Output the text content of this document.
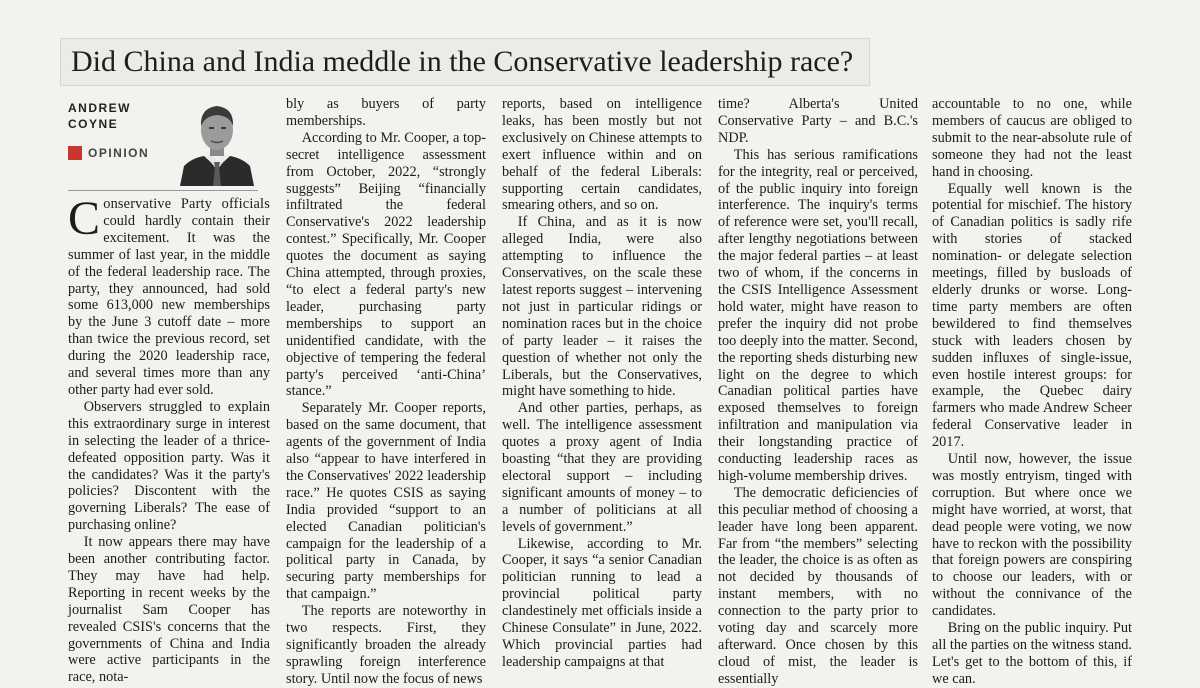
Did China and India meddle in the Conservative leadership race?
ANDREW
COYNE
OPINION

Conservative Party officials could hardly contain their excitement. It was the summer of last year, in the middle of the federal leadership race. The party, they announced, had sold some 613,000 new memberships by the June 3 cutoff date – more than twice the previous record, set during the 2020 leadership race, and several times more than any other party had ever sold.

Observers struggled to explain this extraordinary surge in interest in selecting the leader of a thrice-defeated opposition party. Was it the candidates? Was it the party's policies? Discontent with the governing Liberals? The ease of purchasing online?

It now appears there may have been another contributing factor. They may have had help. Reporting in recent weeks by the journalist Sam Cooper has revealed CSIS's concerns that the governments of China and India were active participants in the race, nota-

bly as buyers of party memberships.

According to Mr. Cooper, a top-secret intelligence assessment from October, 2022, “strongly suggests” Beijing “financially infiltrated the federal Conservative's 2022 leadership contest.” Specifically, Mr. Cooper quotes the document as saying China attempted, through proxies, “to elect a federal party's new leader, purchasing party memberships to support an unidentified candidate, with the objective of tempering the federal party's perceived ‘anti-China’ stance.”

Separately Mr. Cooper reports, based on the same document, that agents of the government of India also “appear to have interfered in the Conservatives' 2022 leadership race.” He quotes CSIS as saying India provided “support to an elected Canadian politician's campaign for the leadership of a political party in Canada, by securing party memberships for that campaign.”

The reports are noteworthy in two respects. First, they significantly broaden the already sprawling foreign interference story. Until now the focus of news

reports, based on intelligence leaks, has been mostly but not exclusively on Chinese attempts to exert influence within and on behalf of the federal Liberals: supporting certain candidates, smearing others, and so on.

If China, and as it is now alleged India, were also attempting to influence the Conservatives, on the scale these latest reports suggest – intervening not just in particular ridings or nomination races but in the choice of party leader – it raises the question of whether not only the Liberals, but the Conservatives, might have something to hide.

And other parties, perhaps, as well. The intelligence assessment quotes a proxy agent of India boasting “that they are providing electoral support – including significant amounts of money – to a number of politicians at all levels of government.”

Likewise, according to Mr. Cooper, it says “a senior Canadian politician running to lead a provincial political party clandestinely met officials inside a Chinese Consulate” in June, 2022. Which provincial parties had leadership campaigns at that

time? Alberta's United Conservative Party – and B.C.'s NDP.

This has serious ramifications for the integrity, real or perceived, of the public inquiry into foreign interference. The inquiry's terms of reference were set, you'll recall, after lengthy negotiations between the major federal parties – at least two of whom, if the concerns in the CSIS Intelligence Assessment hold water, might have reason to prefer the inquiry did not probe too deeply into the matter. Second, the reporting sheds disturbing new light on the degree to which Canadian political parties have exposed themselves to foreign infiltration and manipulation via their longstanding practice of conducting leadership races as high-volume membership drives.

The democratic deficiencies of this peculiar method of choosing a leader have long been apparent. Far from “the members” selecting the leader, the choice is as often as not decided by thousands of instant members, with no connection to the party prior to voting day and scarcely more afterward. Once chosen by this cloud of mist, the leader is essentially

accountable to no one, while members of caucus are obliged to submit to the near-absolute rule of someone they had not the least hand in choosing.

Equally well known is the potential for mischief. The history of Canadian politics is sadly rife with stories of stacked nomination- or delegate selection meetings, filled by busloads of elderly drunks or worse. Long-time party members are often bewildered to find themselves stuck with leaders chosen by sudden influxes of single-issue, even hostile interest groups: for example, the Quebec dairy farmers who made Andrew Scheer federal Conservative leader in 2017.

Until now, however, the issue was mostly entryism, tinged with corruption. But where once we might have worried, at worst, that dead people were voting, we now have to reckon with the possibility that foreign powers are conspiring to choose our leaders, with or without the connivance of the candidates.

Bring on the public inquiry. Put all the parties on the witness stand. Let's get to the bottom of this, if we can.
